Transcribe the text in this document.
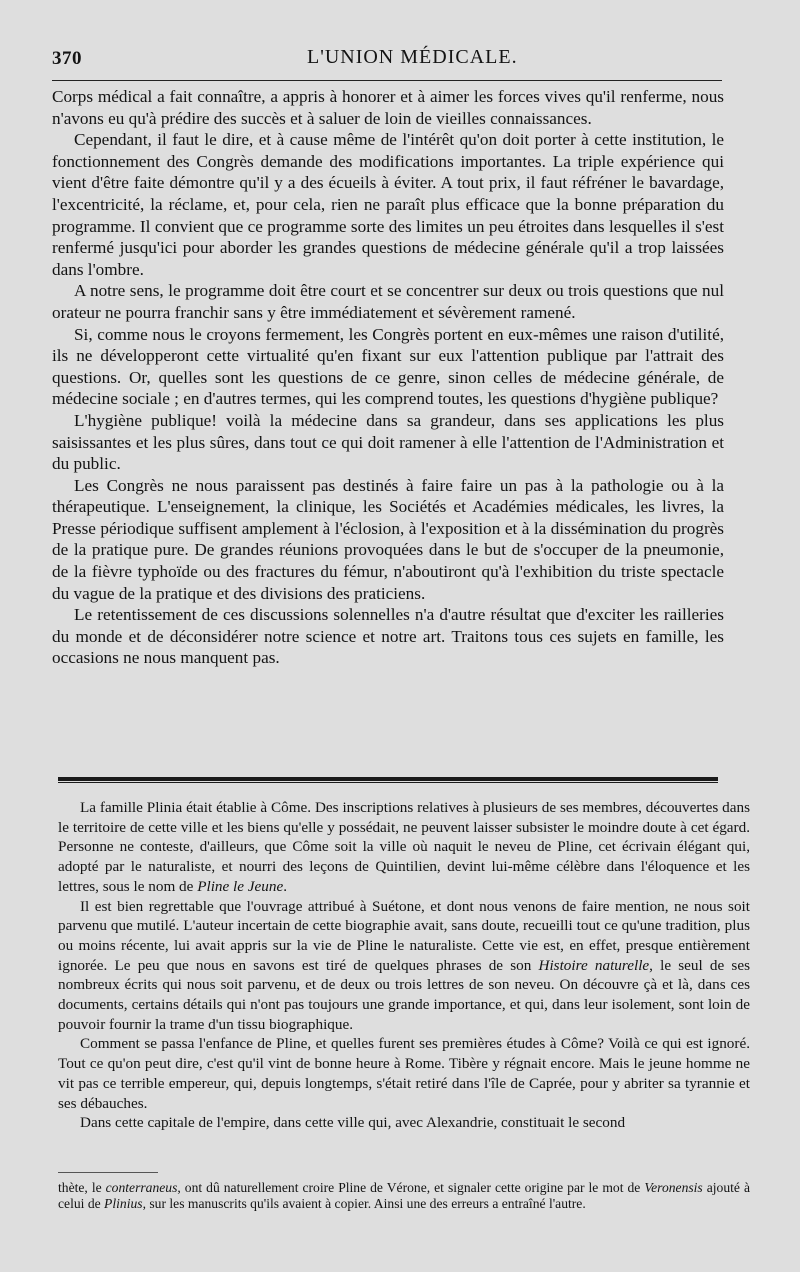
370	L'UNION MÉDICALE.

Corps médical a fait connaître, a appris à honorer et à aimer les forces vives qu'il renferme, nous n'avons eu qu'à prédire des succès et à saluer de loin de vieilles connaissances.

Cependant, il faut le dire, et à cause même de l'intérêt qu'on doit porter à cette institution, le fonctionnement des Congrès demande des modifications importantes. La triple expérience qui vient d'être faite démontre qu'il y a des écueils à éviter. A tout prix, il faut réfréner le bavardage, l'excentricité, la réclame, et, pour cela, rien ne paraît plus efficace que la bonne préparation du programme. Il convient que ce programme sorte des limites un peu étroites dans lesquelles il s'est renfermé jusqu'ici pour aborder les grandes questions de médecine générale qu'il a trop laissées dans l'ombre.

A notre sens, le programme doit être court et se concentrer sur deux ou trois questions que nul orateur ne pourra franchir sans y être immédiatement et sévèrement ramené.

Si, comme nous le croyons fermement, les Congrès portent en eux-mêmes une raison d'utilité, ils ne développeront cette virtualité qu'en fixant sur eux l'attention publique par l'attrait des questions. Or, quelles sont les questions de ce genre, sinon celles de médecine générale, de médecine sociale ; en d'autres termes, qui les comprend toutes, les questions d'hygiène publique?

L'hygiène publique! voilà la médecine dans sa grandeur, dans ses applications les plus saisissantes et les plus sûres, dans tout ce qui doit ramener à elle l'attention de l'Administration et du public.

Les Congrès ne nous paraissent pas destinés à faire faire un pas à la pathologie ou à la thérapeutique. L'enseignement, la clinique, les Sociétés et Académies médicales, les livres, la Presse périodique suffisent amplement à l'éclosion, à l'exposition et à la dissémination du progrès de la pratique pure. De grandes réunions provoquées dans le but de s'occuper de la pneumonie, de la fièvre typhoïde ou des fractures du fémur, n'aboutiront qu'à l'exhibition du triste spectacle du vague de la pratique et des divisions des praticiens.

Le retentissement de ces discussions solennelles n'a d'autre résultat que d'exciter les railleries du monde et de déconsidérer notre science et notre art. Traitons tous ces sujets en famille, les occasions ne nous manquent pas.

La famille Plinia était établie à Côme. Des inscriptions relatives à plusieurs de ses membres, découvertes dans le territoire de cette ville et les biens qu'elle y possédait, ne peuvent laisser subsister le moindre doute à cet égard. Personne ne conteste, d'ailleurs, que Côme soit la ville où naquit le neveu de Pline, cet écrivain élégant qui, adopté par le naturaliste, et nourri des leçons de Quintilien, devint lui-même célèbre dans l'éloquence et les lettres, sous le nom de Pline le Jeune.

Il est bien regrettable que l'ouvrage attribué à Suétone, et dont nous venons de faire mention, ne nous soit parvenu que mutilé. L'auteur incertain de cette biographie avait, sans doute, recueilli tout ce qu'une tradition, plus ou moins récente, lui avait appris sur la vie de Pline le naturaliste. Cette vie est, en effet, presque entièrement ignorée. Le peu que nous en savons est tiré de quelques phrases de son Histoire naturelle, le seul de ses nombreux écrits qui nous soit parvenu, et de deux ou trois lettres de son neveu. On découvre çà et là, dans ces documents, certains détails qui n'ont pas toujours une grande importance, et qui, dans leur isolement, sont loin de pouvoir fournir la trame d'un tissu biographique.

Comment se passa l'enfance de Pline, et quelles furent ses premières études à Côme? Voilà ce qui est ignoré. Tout ce qu'on peut dire, c'est qu'il vint de bonne heure à Rome. Tibère y régnait encore. Mais le jeune homme ne vit pas ce terrible empereur, qui, depuis longtemps, s'était retiré dans l'île de Caprée, pour y abriter sa tyrannie et ses débauches.

Dans cette capitale de l'empire, dans cette ville qui, avec Alexandrie, constituait le second

thète, le conterraneus, ont dû naturellement croire Pline de Vérone, et signaler cette origine par le mot de Veronensis ajouté à celui de Plinius, sur les manuscrits qu'ils avaient à copier. Ainsi une des erreurs a entraîné l'autre.
